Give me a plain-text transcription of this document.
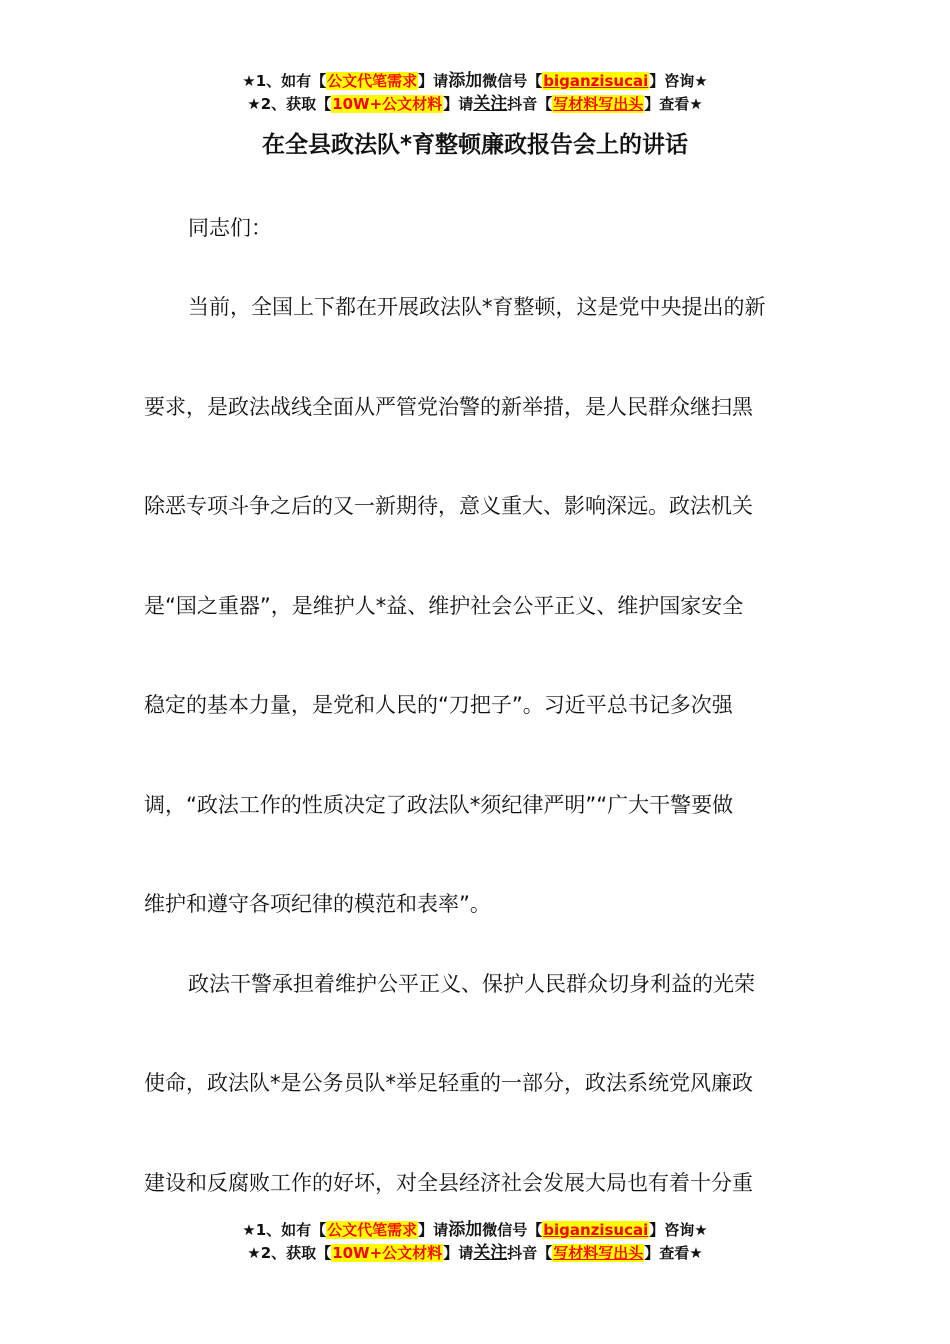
★1、如有【公文代笔需求】请添加微信号【biganzisucai】咨询★
★2、获取【10W+公文材料】请关注抖音【写材料写出头】查看★
在全县政法队*育整顿廉政报告会上的讲话
同志们：
当前，全国上下都在开展政法队*育整顿，这是党中央提出的新
要求，是政法战线全面从严管党治警的新举措，是人民群众继扫黑
除恶专项斗争之后的又一新期待，意义重大、影响深远。政法机关
是“国之重器”，是维护人*益、维护社会公平正义、维护国家安全
稳定的基本力量，是党和人民的“刀把子”。习近平总书记多次强
调，“政法工作的性质决定了政法队*须纪律严明”“广大干警要做
维护和遵守各项纪律的模范和表率”。
政法干警承担着维护公平正义、保护人民群众切身利益的光荣
使命，政法队*是公务员队*举足轻重的一部分，政法系统党风廉政
建设和反腐败工作的好坏，对全县经济社会发展大局也有着十分重
★1、如有【公文代笔需求】请添加微信号【biganzisucai】咨询★
★2、获取【10W+公文材料】请关注抖音【写材料写出头】查看★
